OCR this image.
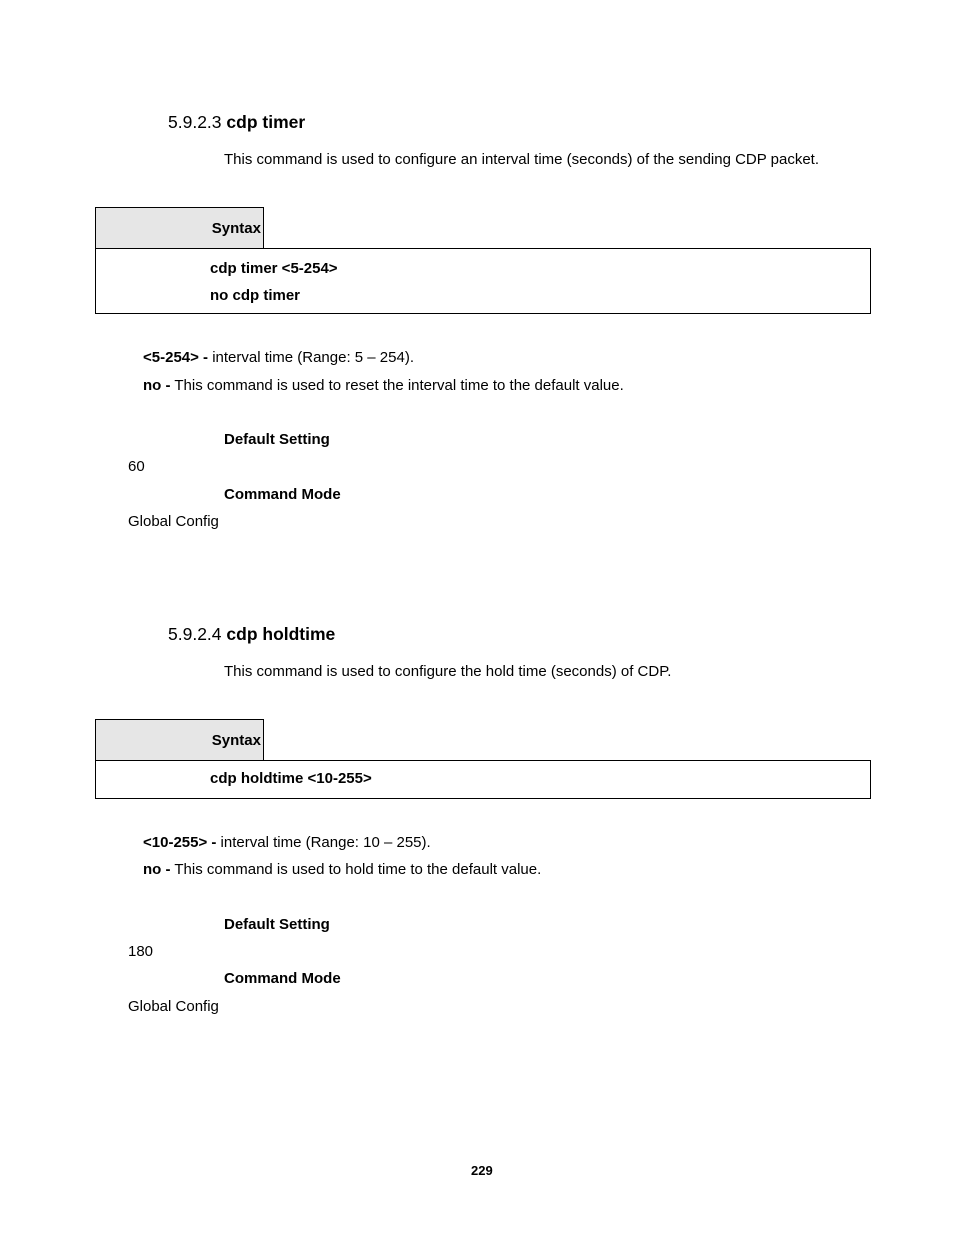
5.9.2.3 cdp timer
This command is used to configure an interval time (seconds) of the sending CDP packet.
Syntax
cdp timer <5-254>
no cdp timer
<5-254> - interval time (Range: 5 – 254).
no - This command is used to reset the interval time to the default value.
Default Setting
60
Command Mode
Global Config
5.9.2.4 cdp holdtime
This command is used to configure the hold time (seconds) of CDP.
Syntax
cdp holdtime <10-255>
<10-255> - interval time (Range: 10 – 255).
no - This command is used to hold time to the default value.
Default Setting
180
Command Mode
Global Config
229
